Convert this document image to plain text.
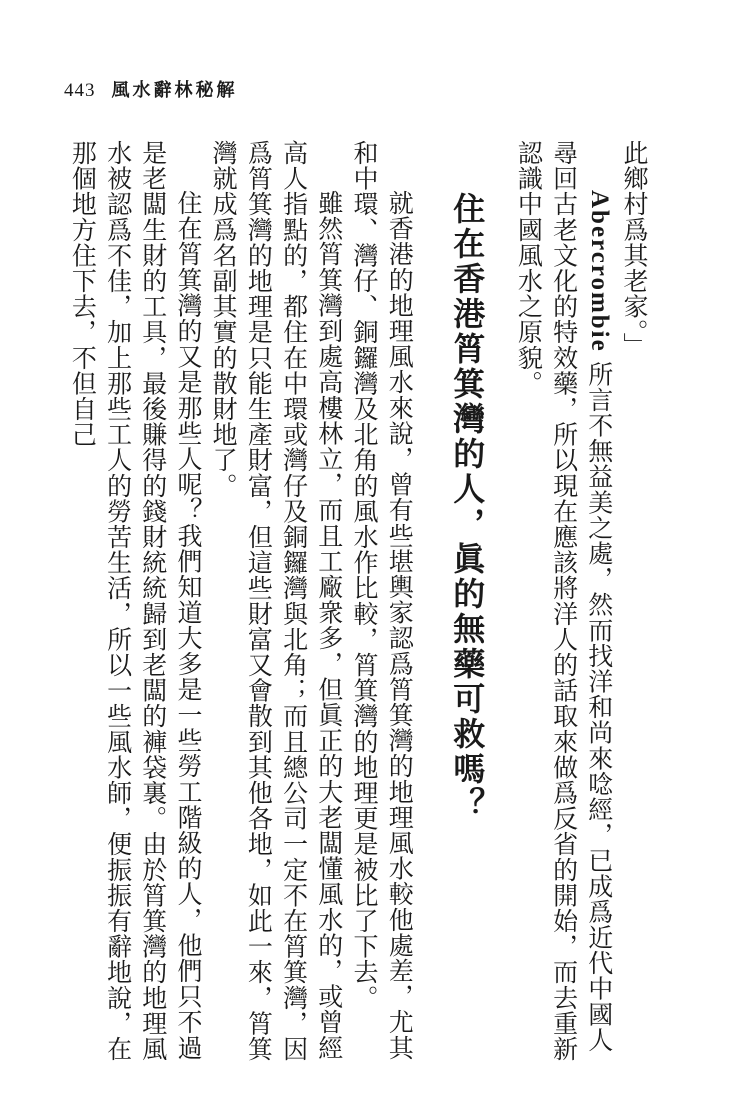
443 風水辭林秘解

此鄉村爲其老家。」

Abercrombie 所言不無益美之處，然而找洋和尚來唸經，已成爲近代中國人尋回古老文化的特效藥，所以現在應該將洋人的話取來做爲反省的開始，而去重新認識中國風水之原貌。

住在香港筲箕灣的人，眞的無藥可救嗎？

就香港的地理風水來說，曾有些堪輿家認爲筲箕灣的地理風水較他處差，尤其和中環、灣仔、銅鑼灣及北角的風水作比較，筲箕灣的地理更是被比了下去。

雖然筲箕灣到處高樓林立，而且工廠衆多，但眞正的大老闆懂風水的，或曾經高人指點的，都住在中環或灣仔及銅鑼灣與北角；而且總公司一定不在筲箕灣，因爲筲箕灣的地理是只能生產財富，但這些財富又會散到其他各地，如此一來，筲箕灣就成爲名副其實的散財地了。

住在筲箕灣的又是那些人呢？我們知道大多是一些勞工階級的人，他們只不過是老闆生財的工具，最後賺得的錢財統統歸到老闆的褲袋裏。由於筲箕灣的地理風水被認爲不佳，加上那些工人的勞苦生活，所以一些風水師，便振振有辭地說，在那個地方住下去，不但自己
